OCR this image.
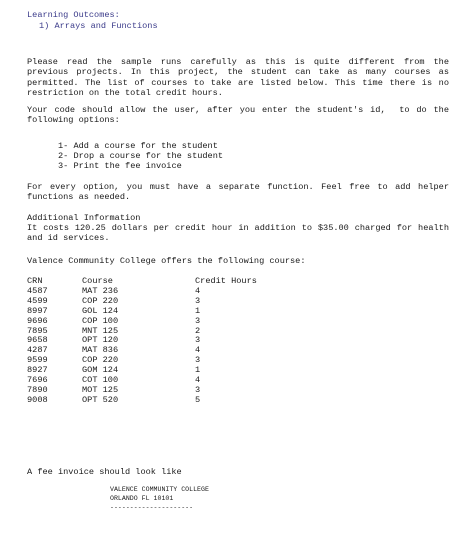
Learning Outcomes:
1) Arrays and Functions
Please read the sample runs carefully as this is quite different from the previous projects. In this project, the student can take as many courses as permitted. The list of courses to take are listed below. This time there is no restriction on the total credit hours.
Your code should allow the user, after you enter the student's id,  to do the following options:
1- Add a course for the student
2- Drop a course for the student
3- Print the fee invoice
For every option, you must have a separate function. Feel free to add helper functions as needed.
Additional Information
It costs 120.25 dollars per credit hour in addition to $35.00 charged for health and id services.
Valence Community College offers the following course:
CRN	Course	Credit Hours
4587	MAT 236	4
4599	COP 220	3
8997	GOL 124	1
9696	COP 100	3
7895	MNT 125	2
9658	OPT 120	3
4287	MAT 836	4
9599	COP 220	3
8927	GOM 124	1
7696	COT 100	4
7890	MOT 125	3
9008	OPT 520	5
A fee invoice should look like
VALENCE COMMUNITY COLLEGE
ORLANDO FL 10101
---------------------
